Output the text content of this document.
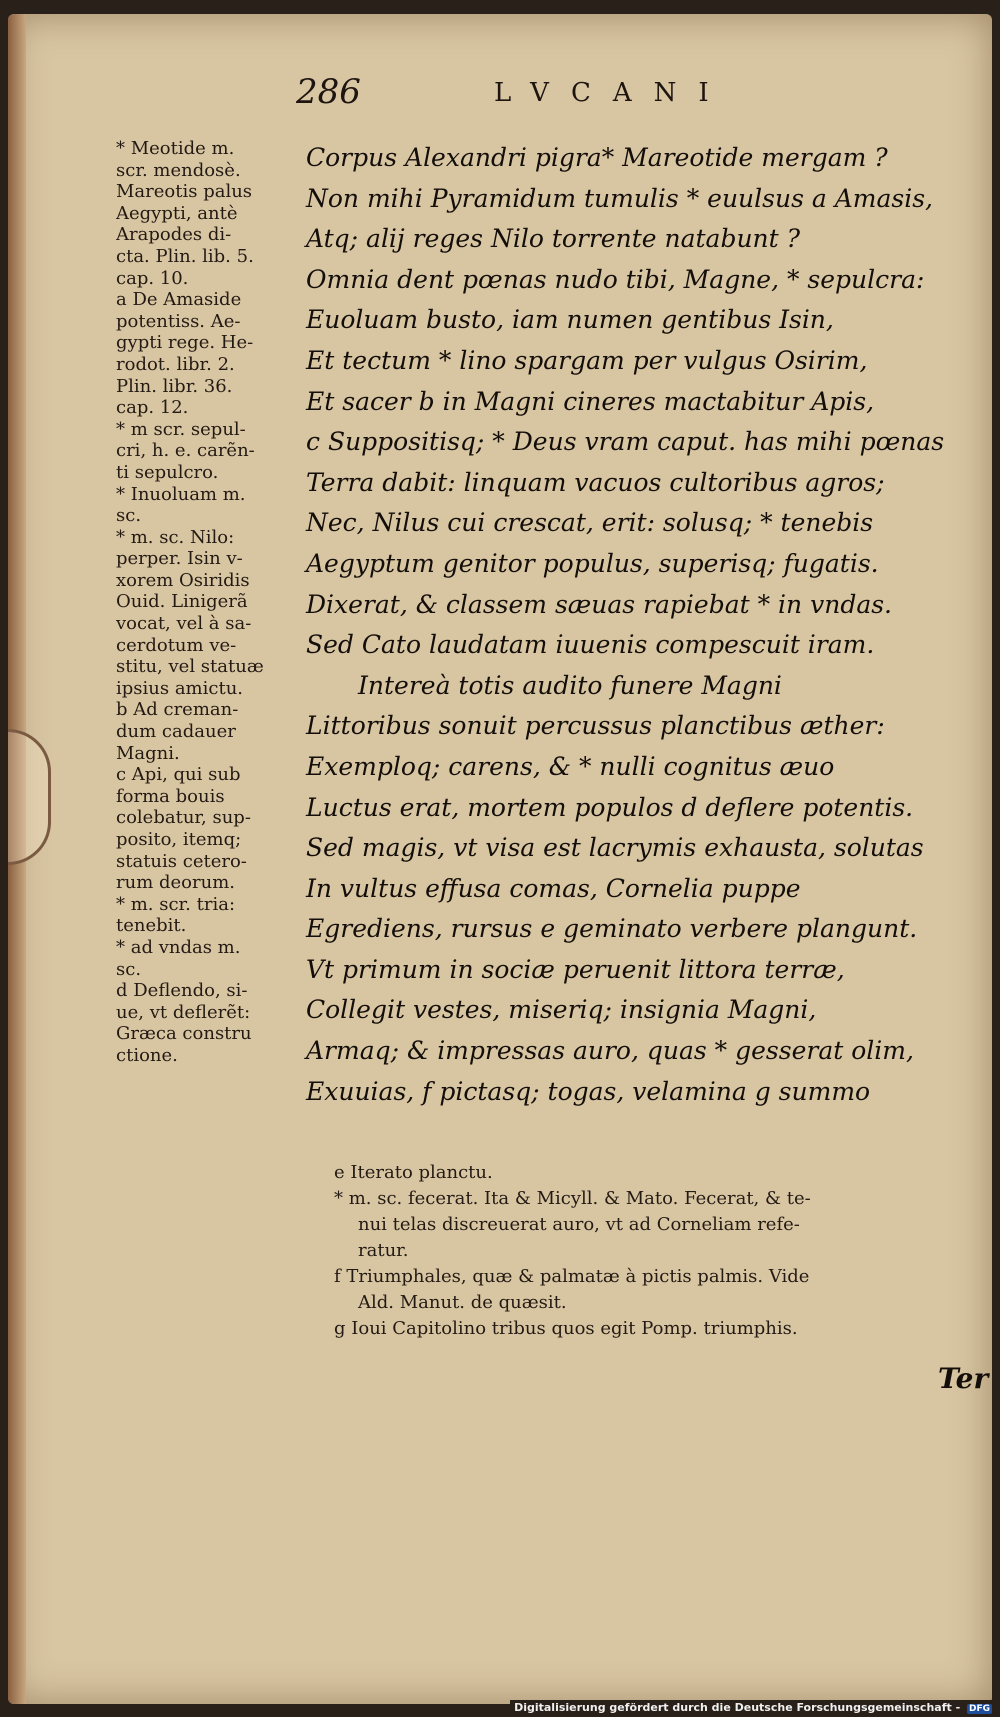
286	LVCANI
* Meotide m.
scr. mendosè.
Mareotis palus
Aegypti, antè
Arapodes di-
cta. Plin. lib. 5.
cap. 10.
a De Amaside
potentiss. Ae-
gypti rege. He-
rodot. libr. 2.
Plin. libr. 36.
cap. 12.
* m scr. sepul-
cri, h. e. carẽn-
ti sepulcro.
* Inuoluam m.
sc.
* m. sc. Nilo:
perper. Isin v-
xorem Osiridis
Ouid. Linigerã
vocat, vel à sa-
cerdotum ve-
stitu, vel statuæ
ipsius amictu.
b Ad creman-
dum cadauer
Magni.
c Api, qui sub
forma bouis
colebatur, sup-
posito, itemq;
statuis cetero-
rum deorum.
* m. scr. tria:
tenebit.
* ad vndas m.
sc.
d Deflendo, si-
ue, vt deflerẽt:
Græca constru
ctione.
Corpus Alexandri pigra* Mareotide mergam ?
Non mihi Pyramidum tumulis * euulsus a Amasis,
Atq; alij reges Nilo torrente natabunt ?
Omnia dent pœnas nudo tibi, Magne, * sepulcra:
Euoluam busto, iam numen gentibus Isin,
Et tectum * lino spargam per vulgus Osirim,
Et sacer b in Magni cineres mactabitur Apis,
c Suppositisq; * Deus vram caput. has mihi pœnas
Terra dabit: linquam vacuos cultoribus agros;
Nec, Nilus cui crescat, erit: solusq; * tenebis
Aegyptum genitor populus, superisq; fugatis.
Dixerat, & classem sæuas rapiebat * in vndas.
Sed Cato laudatam iuuenis compescuit iram.
Intereà totis audito funere Magni
Littoribus sonuit percussus planctibus æther:
Exemploq; carens, & * nulli cognitus æuo
Luctus erat, mortem populos d deflere potentis.
Sed magis, vt visa est lacrymis exhausta, solutas
In vultus effusa comas, Cornelia puppe
Egrediens, rursus e geminato verbere plangunt.
Vt primum in sociæ peruenit littora terræ,
Collegit vestes, miseriq; insignia Magni,
Armaq; & impressas auro, quas * gesserat olim,
Exuuias, f pictasq; togas, velamina g summo
e Iterato planctu.
* m. sc. fecerat. Ita & Micyll. & Mato. Fecerat, & te-
nui telas discreuerat auro, vt ad Corneliam refe-
ratur.
f Triumphales, quæ & palmatæ à pictis palmis. Vide
Ald. Manut. de quæsit.
g Ioui Capitolino tribus quos egit Pomp. triumphis.
Ter
Digitalisierung gefördert durch die Deutsche Forschungsgemeinschaft - DFG
